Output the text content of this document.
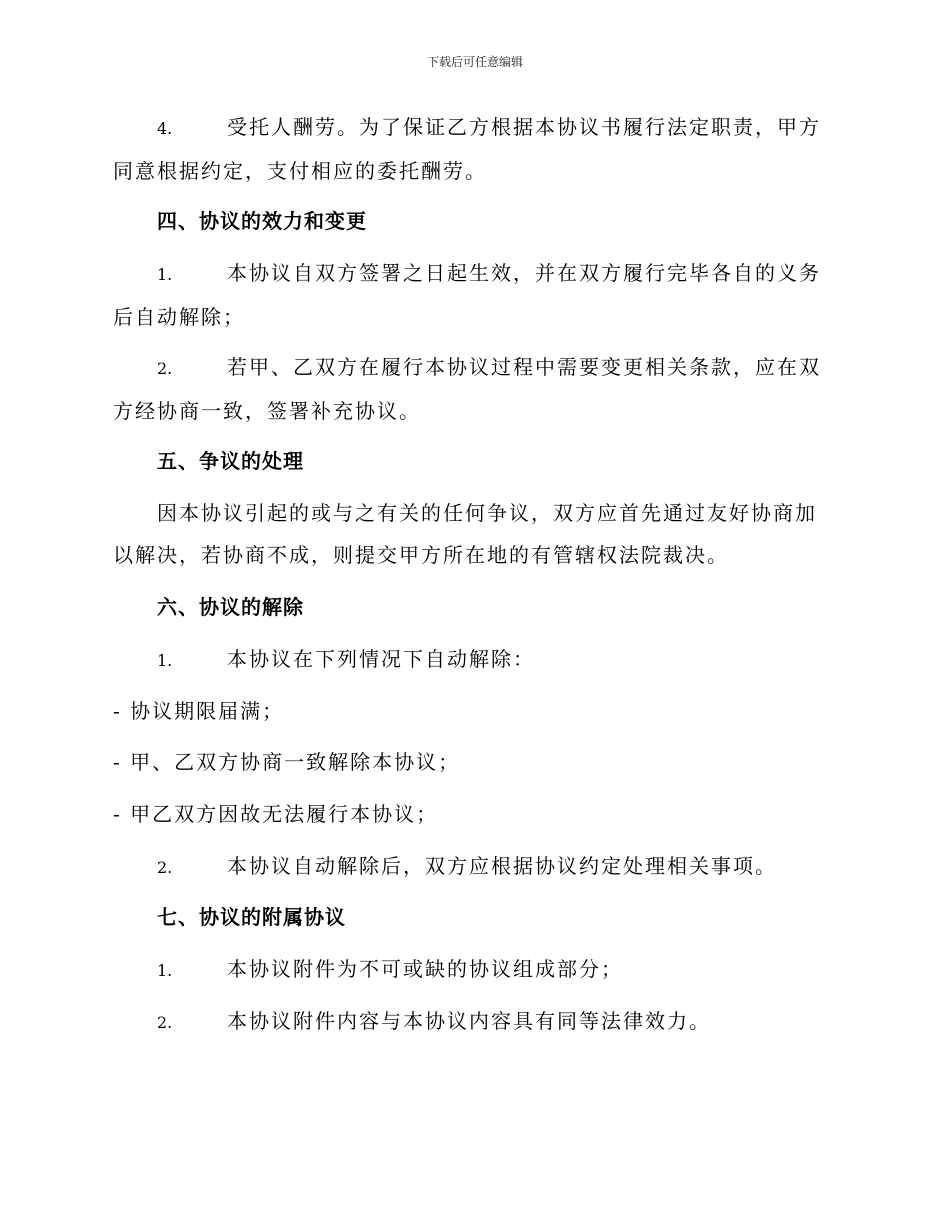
下载后可任意编辑
4.	受托人酬劳。为了保证乙方根据本协议书履行法定职责，甲方同意根据约定，支付相应的委托酬劳。
四、协议的效力和变更
1.	本协议自双方签署之日起生效，并在双方履行完毕各自的义务后自动解除；
2.	若甲、乙双方在履行本协议过程中需要变更相关条款，应在双方经协商一致，签署补充协议。
五、争议的处理
因本协议引起的或与之有关的任何争议，双方应首先通过友好协商加以解决，若协商不成，则提交甲方所在地的有管辖权法院裁决。
六、协议的解除
1.	本协议在下列情况下自动解除：
- 协议期限届满；
- 甲、乙双方协商一致解除本协议；
- 甲乙双方因故无法履行本协议；
2.	本协议自动解除后，双方应根据协议约定处理相关事项。
七、协议的附属协议
1.	本协议附件为不可或缺的协议组成部分；
2.	本协议附件内容与本协议内容具有同等法律效力。
